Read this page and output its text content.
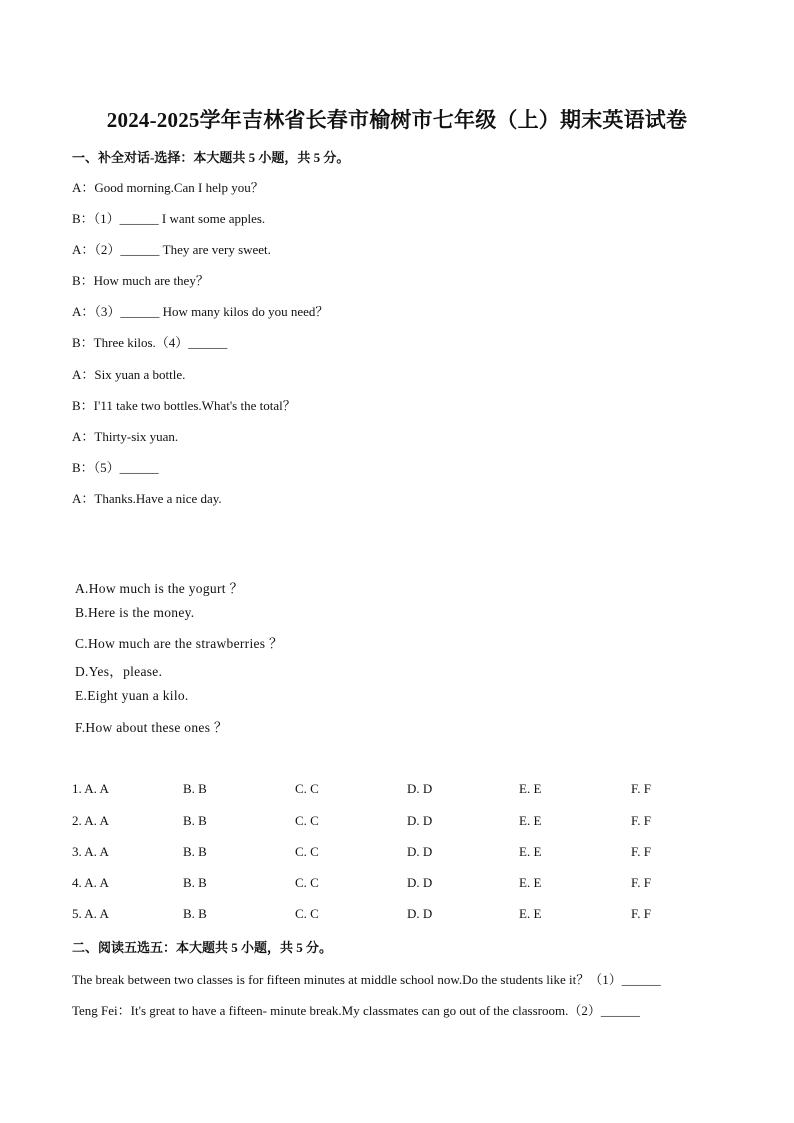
2024-2025学年吉林省长春市榆树市七年级（上）期末英语试卷
一、补全对话-选择：本大题共 5 小题，共 5 分。
A：Good morning.Can I help you？
B：（1）______ I want some apples.
A：（2）______ They are very sweet.
B：How much are they？
A：（3）______ How many kilos do you need？
B：Three kilos.（4）______
A：Six yuan a bottle.
B：I'11 take two bottles.What's the total？
A：Thirty-six yuan.
B：（5）______
A：Thanks.Have a nice day.
A.How much is the yogurt ？
B.Here is the money.
C.How much are the strawberries ？
D.Yes，please.
E.Eight yuan a kilo.
F.How about these ones ？
1. A. A	B. B	C. C	D. D	E. E	F. F
2. A. A	B. B	C. C	D. D	E. E	F. F
3. A. A	B. B	C. C	D. D	E. E	F. F
4. A. A	B. B	C. C	D. D	E. E	F. F
5. A. A	B. B	C. C	D. D	E. E	F. F
二、阅读五选五：本大题共 5 小题，共 5 分。
The break between two classes is for fifteen minutes at middle school now.Do the students like it？（1）______
Teng Fei：It's great to have a fifteen- minute break.My classmates can go out of the classroom.（2）______
